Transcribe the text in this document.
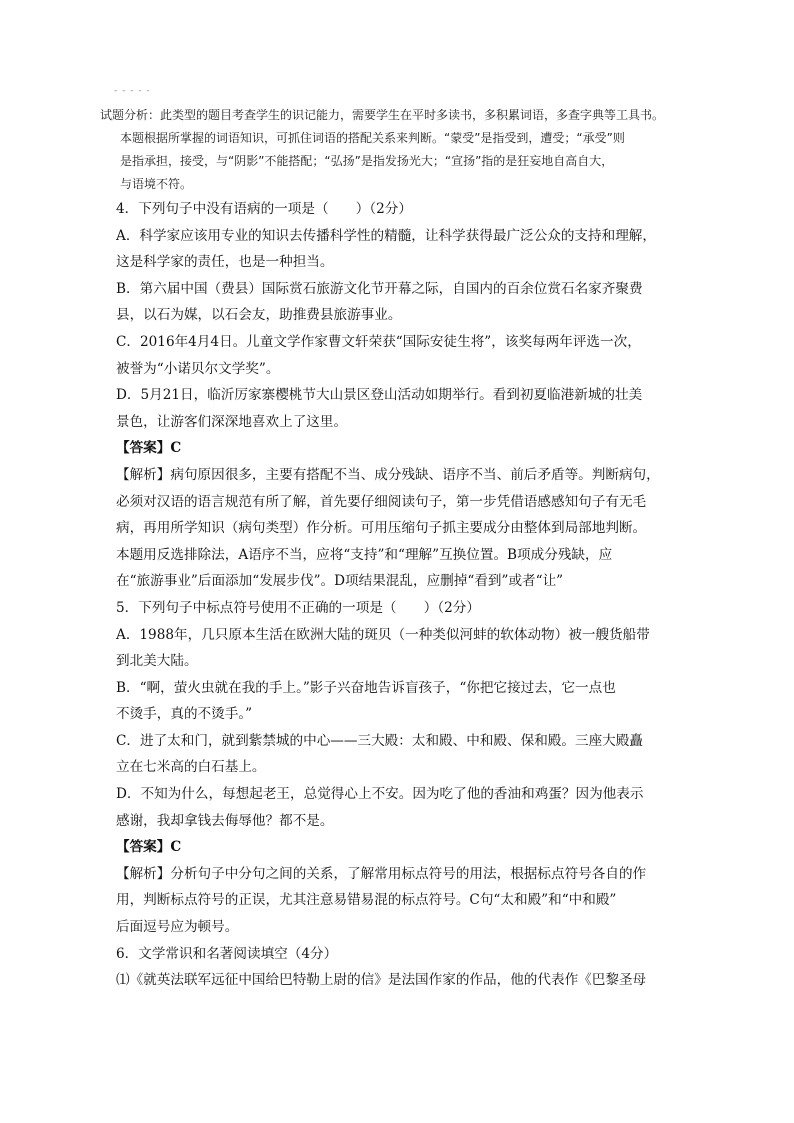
- - - - -
试题分析：此类型的题目考查学生的识记能力，需要学生在平时多读书，多积累词语，多查字典等工具书。
本题根据所掌握的词语知识，可抓住词语的搭配关系来判断。“蒙受”是指受到，遭受；“承受”则
是指承担，接受，与“阴影”不能搭配；“弘扬”是指发扬光大；“宣扬”指的是狂妄地自高自大，
与语境不符。
4．下列句子中没有语病的一项是（　　）（2分）
A．科学家应该用专业的知识去传播科学性的精髓，让科学获得最广泛公众的支持和理解，
这是科学家的责任，也是一种担当。
B．第六届中国（费县）国际赏石旅游文化节开幕之际，自国内的百余位赏石名家齐聚费
县，以石为媒，以石会友，助推费县旅游事业。
C．2016年4月4日。儿童文学作家曹文轩荣获“国际安徒生将”，该奖每两年评选一次，
被誉为“小诺贝尔文学奖”。
D．5月21日，临沂厉家寨樱桃节大山景区登山活动如期举行。看到初夏临港新城的壮美
景色，让游客们深深地喜欢上了这里。
【答案】C
【解析】病句原因很多，主要有搭配不当、成分残缺、语序不当、前后矛盾等。判断病句，
必须对汉语的语言规范有所了解，首先要仔细阅读句子，第一步凭借语感感知句子有无毛
病，再用所学知识（病句类型）作分析。可用压缩句子抓主要成分由整体到局部地判断。
本题用反选排除法，A语序不当，应将“支持”和“理解”互换位置。B项成分残缺，应
在“旅游事业”后面添加“发展步伐”。D项结果混乱，应删掉“看到”或者“让”
5．下列句子中标点符号使用不正确的一项是（　　）（2分）
A．1988年，几只原本生活在欧洲大陆的斑贝（一种类似河蚌的软体动物）被一艘货船带
到北美大陆。
B．“啊，萤火虫就在我的手上。”影子兴奋地告诉盲孩子，“你把它接过去，它一点也
不烫手，真的不烫手。”
C．进了太和门，就到紫禁城的中心——三大殿：太和殿、中和殿、保和殿。三座大殿矗
立在七米高的白石基上。
D．不知为什么，每想起老王，总觉得心上不安。因为吃了他的香油和鸡蛋？因为他表示
感谢，我却拿钱去侮辱他？都不是。
【答案】C
【解析】分析句子中分句之间的关系，了解常用标点符号的用法，根据标点符号各自的作
用，判断标点符号的正误，尤其注意易错易混的标点符号。C句“太和殿”和“中和殿”
后面逗号应为顿号。
6．文学常识和名著阅读填空（4分）
⑴《就英法联军远征中国给巴特勒上尉的信》是法国作家的作品，他的代表作《巴黎圣母
